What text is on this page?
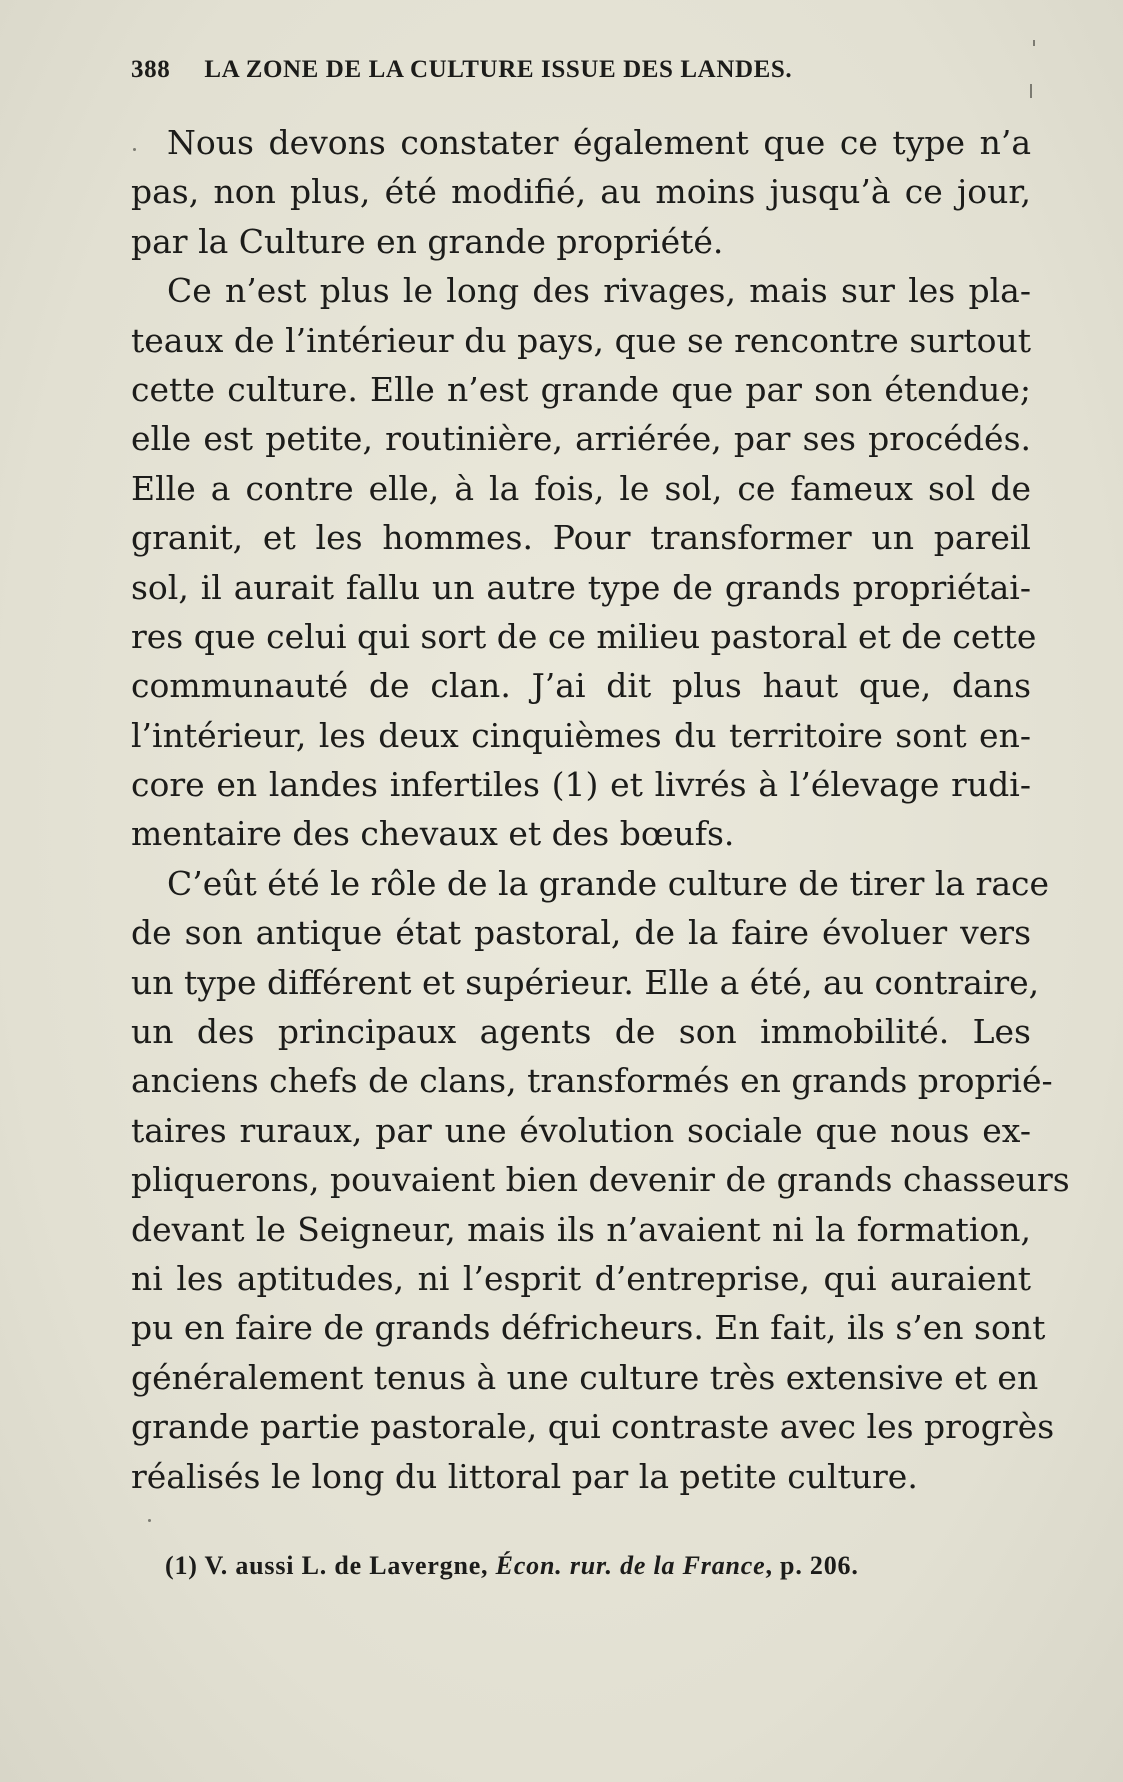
388 LA ZONE DE LA CULTURE ISSUE DES LANDES.
Nous devons constater également que ce type n’a
pas, non plus, été modifié, au moins jusqu’à ce jour,
par la Culture en grande propriété.
Ce n’est plus le long des rivages, mais sur les pla-
teaux de l’intérieur du pays, que se rencontre surtout
cette culture. Elle n’est grande que par son étendue;
elle est petite, routinière, arriérée, par ses procédés.
Elle a contre elle, à la fois, le sol, ce fameux sol de
granit, et les hommes. Pour transformer un pareil
sol, il aurait fallu un autre type de grands propriétai-
res que celui qui sort de ce milieu pastoral et de cette
communauté de clan. J’ai dit plus haut que, dans
l’intérieur, les deux cinquièmes du territoire sont en-
core en landes infertiles (1) et livrés à l’élevage rudi-
mentaire des chevaux et des bœufs.
C’eût été le rôle de la grande culture de tirer la race
de son antique état pastoral, de la faire évoluer vers
un type différent et supérieur. Elle a été, au contraire,
un des principaux agents de son immobilité. Les
anciens chefs de clans, transformés en grands proprié-
taires ruraux, par une évolution sociale que nous ex-
pliquerons, pouvaient bien devenir de grands chasseurs
devant le Seigneur, mais ils n’avaient ni la formation,
ni les aptitudes, ni l’esprit d’entreprise, qui auraient
pu en faire de grands défricheurs. En fait, ils s’en sont
généralement tenus à une culture très extensive et en
grande partie pastorale, qui contraste avec les progrès
réalisés le long du littoral par la petite culture.
(1) V. aussi L. de Lavergne, Écon. rur. de la France, p. 206.
